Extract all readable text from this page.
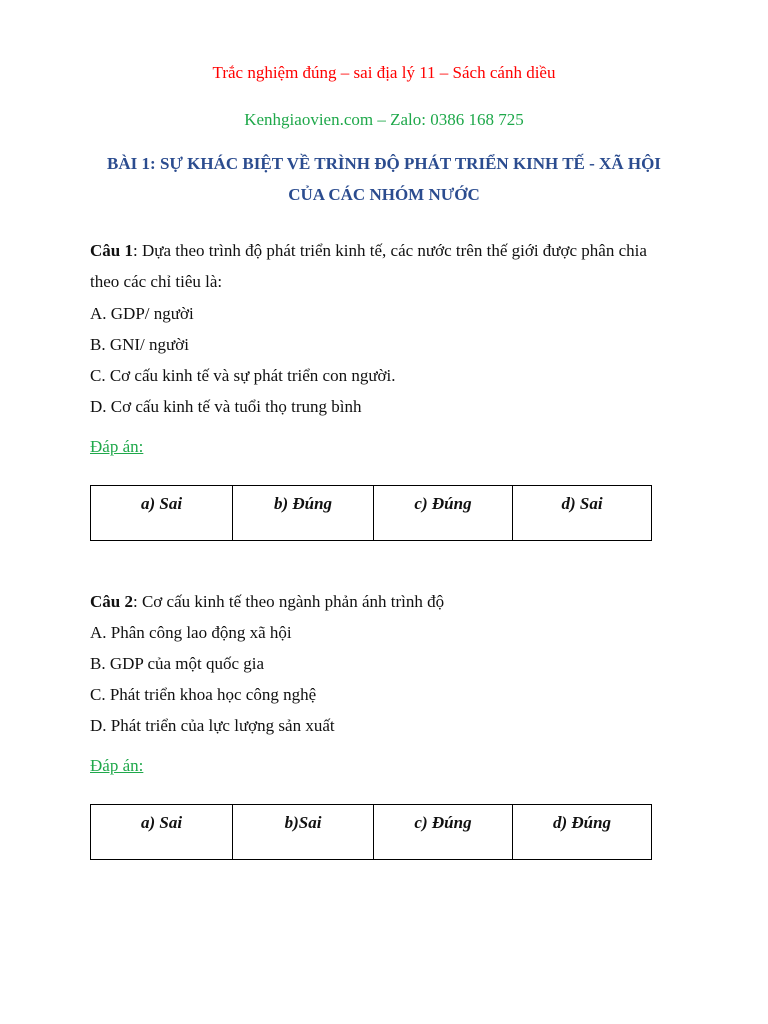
Trắc nghiệm đúng – sai địa lý 11 – Sách cánh diều
Kenhgiaovien.com – Zalo: 0386 168 725
BÀI 1: SỰ KHÁC BIỆT VỀ TRÌNH ĐỘ PHÁT TRIỂN KINH TẾ - XÃ HỘI
CỦA CÁC NHÓM NƯỚC
Câu 1: Dựa theo trình độ phát triển kinh tế, các nước trên thế giới được phân chia
theo các chỉ tiêu là:
A. GDP/ người
B. GNI/ người
C. Cơ cấu kinh tế và sự phát triển con người.
D. Cơ cấu kinh tế và tuổi thọ trung bình
Đáp án:
a) Sai	b) Đúng	c) Đúng	d) Sai
Câu 2: Cơ cấu kinh tế theo ngành phản ánh trình độ
A. Phân công lao động xã hội
B. GDP của một quốc gia
C. Phát triển khoa học công nghệ
D. Phát triển của lực lượng sản xuất
Đáp án:
a) Sai	b)Sai	c) Đúng	d) Đúng
